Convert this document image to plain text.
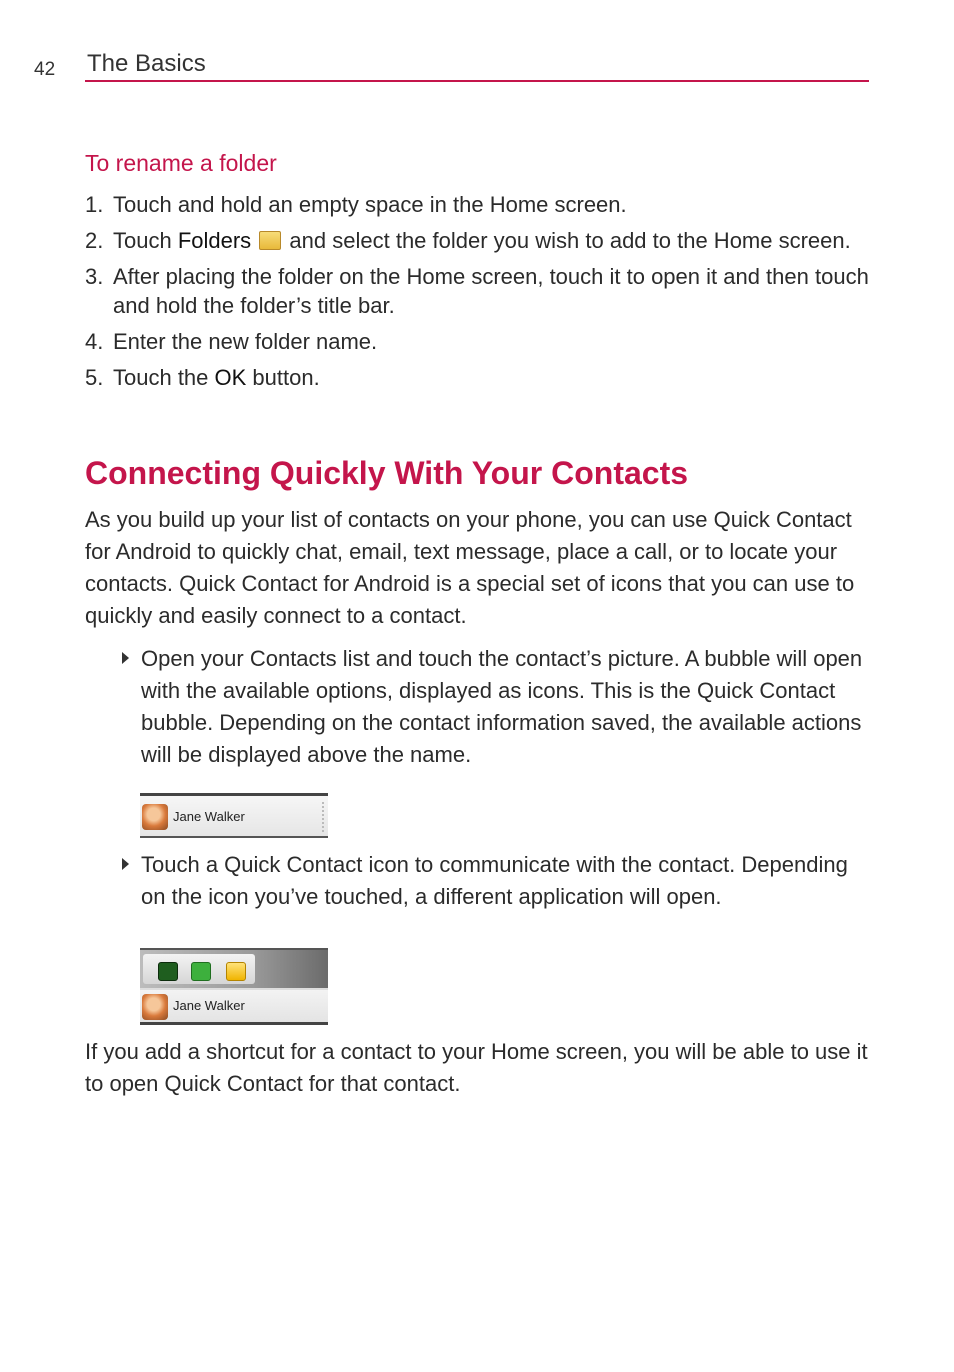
42 The Basics
To rename a folder
1. Touch and hold an empty space in the Home screen.
2. Touch Folders  and select the folder you wish to add to the Home screen.
3. After placing the folder on the Home screen, touch it to open it and then touch and hold the folder’s title bar.
4. Enter the new folder name.
5. Touch the OK button.
Connecting Quickly With Your Contacts

As you build up your list of contacts on your phone, you can use Quick Contact for Android to quickly chat, email, text message, place a call, or to locate your contacts. Quick Contact for Android is a special set of icons that you can use to quickly and easily connect to a contact.

Open your Contacts list and touch the contact’s picture. A bubble will open with the available options, displayed as icons. This is the Quick Contact bubble. Depending on the contact information saved, the available actions will be displayed above the name.

Jane Walker

Touch a Quick Contact icon to communicate with the contact. Depending on the icon you’ve touched, a different application will open.

Jane Walker

If you add a shortcut for a contact to your Home screen, you will be able to use it to open Quick Contact for that contact.
